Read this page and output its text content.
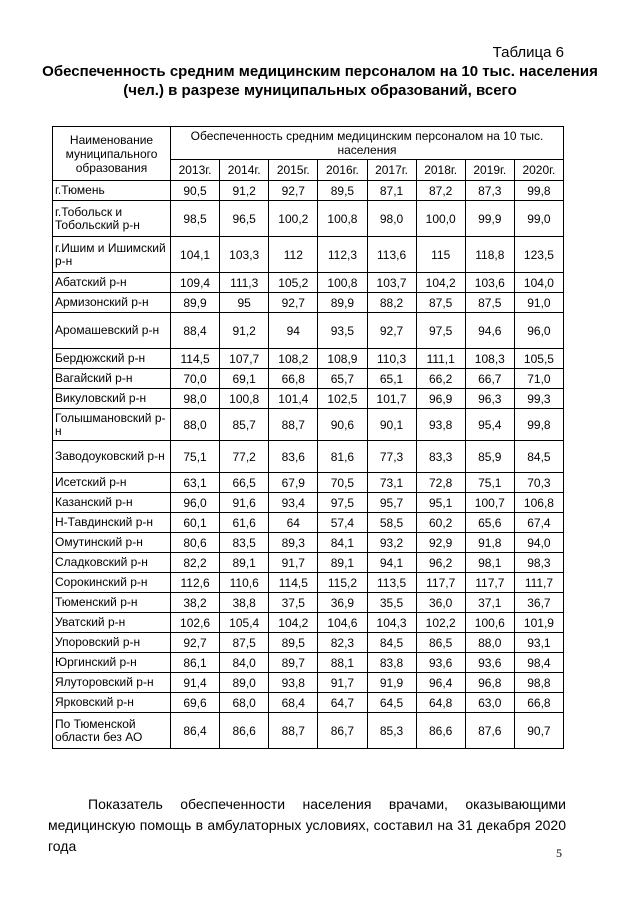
Таблица 6
Обеспеченность средним медицинским персоналом на 10 тыс. населения (чел.) в разрезе муниципальных образований, всего
Наименование муниципального образования	Обеспеченность средним медицинским персоналом на 10 тыс. населения							
	2013г.	2014г.	2015г.	2016г.	2017г.	2018г.	2019г.	2020г.
г.Тюмень	90,5	91,2	92,7	89,5	87,1	87,2	87,3	99,8
г.Тобольск и Тобольский р-н	98,5	96,5	100,2	100,8	98,0	100,0	99,9	99,0
г.Ишим и Ишимский р-н	104,1	103,3	112	112,3	113,6	115	118,8	123,5
Абатский р-н	109,4	111,3	105,2	100,8	103,7	104,2	103,6	104,0
Армизонский р-н	89,9	95	92,7	89,9	88,2	87,5	87,5	91,0
Аромашевский р-н	88,4	91,2	94	93,5	92,7	97,5	94,6	96,0
Бердюжский р-н	114,5	107,7	108,2	108,9	110,3	111,1	108,3	105,5
Вагайский р-н	70,0	69,1	66,8	65,7	65,1	66,2	66,7	71,0
Викуловский р-н	98,0	100,8	101,4	102,5	101,7	96,9	96,3	99,3
Голышмановский р-н	88,0	85,7	88,7	90,6	90,1	93,8	95,4	99,8
Заводоуковский р-н	75,1	77,2	83,6	81,6	77,3	83,3	85,9	84,5
Исетский р-н	63,1	66,5	67,9	70,5	73,1	72,8	75,1	70,3
Казанский р-н	96,0	91,6	93,4	97,5	95,7	95,1	100,7	106,8
Н-Тавдинский р-н	60,1	61,6	64	57,4	58,5	60,2	65,6	67,4
Омутинский р-н	80,6	83,5	89,3	84,1	93,2	92,9	91,8	94,0
Сладковский р-н	82,2	89,1	91,7	89,1	94,1	96,2	98,1	98,3
Сорокинский р-н	112,6	110,6	114,5	115,2	113,5	117,7	117,7	111,7
Тюменский р-н	38,2	38,8	37,5	36,9	35,5	36,0	37,1	36,7
Уватский р-н	102,6	105,4	104,2	104,6	104,3	102,2	100,6	101,9
Упоровский р-н	92,7	87,5	89,5	82,3	84,5	86,5	88,0	93,1
Юргинский р-н	86,1	84,0	89,7	88,1	83,8	93,6	93,6	98,4
Ялуторовский р-н	91,4	89,0	93,8	91,7	91,9	96,4	96,8	98,8
Ярковский р-н	69,6	68,0	68,4	64,7	64,5	64,8	63,0	66,8
По Тюменской области без АО	86,4	86,6	88,7	86,7	85,3	86,6	87,6	90,7

Показатель обеспеченности населения врачами, оказывающими медицинскую помощь в амбулаторных условиях, составил на 31 декабря 2020 года	5
